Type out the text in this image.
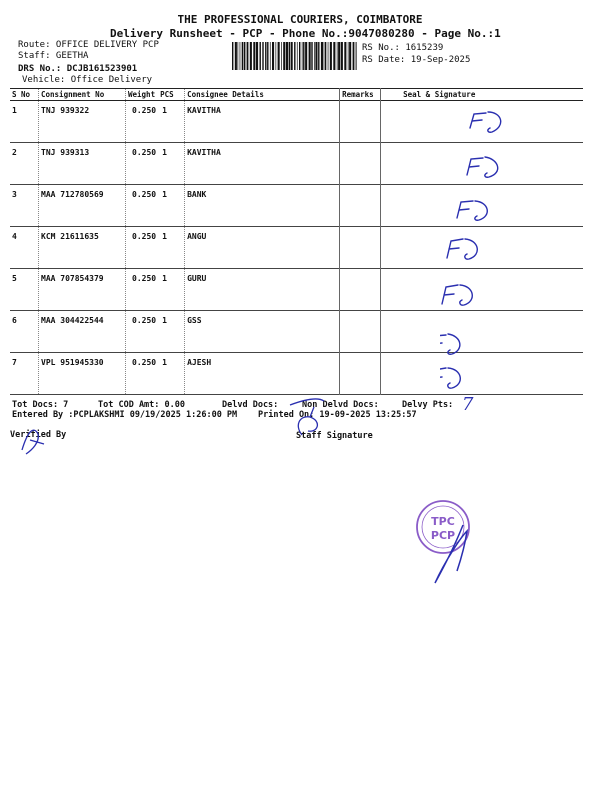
THE PROFESSIONAL COURIERS, COIMBATORE
Delivery Runsheet - PCP - Phone No.:9047080280 - Page No.:1
Route: OFFICE DELIVERY PCP
Staff: GEETHA
DRS No.: DCJB161523901
Vehicle: Office Delivery
RS No.: 1615239
RS Date: 19-Sep-2025
S No	Consignment No	Weight	PCS	Consignee Details	Remarks	Seal & Signature
1	TNJ 939322	0.250	1	KAVITHA		
2	TNJ 939313	0.250	1	KAVITHA		
3	MAA 712780569	0.250	1	BANK		
4	KCM 21611635	0.250	1	ANGU		
5	MAA 707854379	0.250	1	GURU		
6	MAA 304422544	0.250	1	GSS		
7	VPL 951945330	0.250	1	AJESH		
Tot Docs: 7	Tot COD Amt: 0.00	Delvd Docs:	Non Delvd Docs:	Delvy Pts: 7
Entered By :PCPLAKSHMI 09/19/2025 1:26:00 PM Printed On: 19-09-2025 13:25:57
Verified By	Staff Signature
TPC
PCP
